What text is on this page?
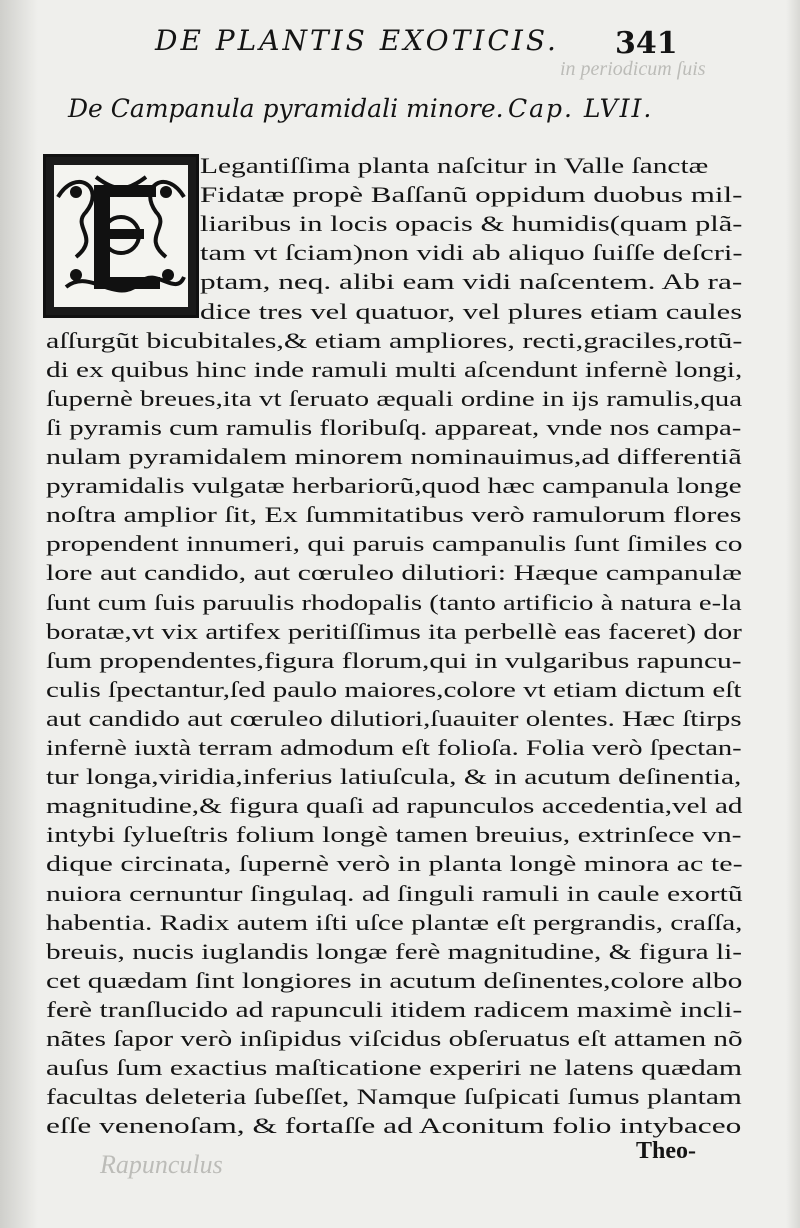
in periodicum ſuis
Rapunculus
DE PLANTIS EXOTICIS.	341
De Campanula pyramidali minore. Cap. LVII.
Legantiſſima planta naſcitur in Valle ſanctæ
Fidatæ propè Baſſanũ oppidum duobus mil-
liaribus in locis opacis & humidis(quam plã-
tam vt ſciam)non vidi ab aliquo ſuiſſe deſcri-
ptam, neq. alibi eam vidi naſcentem. Ab ra-
dice tres vel quatuor, vel plures etiam caules
aſſurgũt bicubitales,& etiam ampliores, recti,graciles,rotũ-
di ex quibus hinc inde ramuli multi aſcendunt infernè longi,
ſupernè breues,ita vt ſeruato æquali ordine in ijs ramulis,qua
ſi pyramis cum ramulis floribuſq. appareat, vnde nos campa-
nulam pyramidalem minorem nominauimus,ad differentiã
pyramidalis vulgatæ herbariorũ,quod hæc campanula longe
noſtra amplior ſit, Ex ſummitatibus verò ramulorum flores
propendent innumeri, qui paruis campanulis ſunt ſimiles co
lore aut candido, aut cœruleo dilutiori: Hæque campanulæ
ſunt cum ſuis paruulis rhodopalis (tanto artificio à natura e-la
boratæ,vt vix artifex peritiſſimus ita perbellè eas faceret) dor
ſum propendentes,figura florum,qui in vulgaribus rapuncu-
culis ſpectantur,ſed paulo maiores,colore vt etiam dictum eſt
aut candido aut cœruleo dilutiori,ſuauiter olentes. Hæc ſtirps
infernè iuxtà terram admodum eſt folioſa. Folia verò ſpectan-
tur longa,viridia,inferius latiuſcula, & in acutum deſinentia,
magnitudine,& figura quaſi ad rapunculos accedentia,vel ad
intybi ſylueſtris folium longè tamen breuius, extrinſece vn-
dique circinata, ſupernè verò in planta longè minora ac te-
nuiora cernuntur ſingulaq. ad ſinguli ramuli in caule exortũ
habentia. Radix autem iſti uſce plantæ eſt pergrandis, craſſa,
breuis, nucis iuglandis longæ ferè magnitudine, & figura li-
cet quædam ſint longiores in acutum deſinentes,colore albo
ferè tranſlucido ad rapunculi itidem radicem maximè incli-
nãtes ſapor verò inſipidus viſcidus obſeruatus eſt attamen nõ
auſus ſum exactius maſticatione experiri ne latens quædam
facultas deleteria ſubeſſet, Namque ſuſpicati ſumus plantam
eſſe venenoſam, & fortaſſe ad Aconitum folio intybaceo
Theo-
